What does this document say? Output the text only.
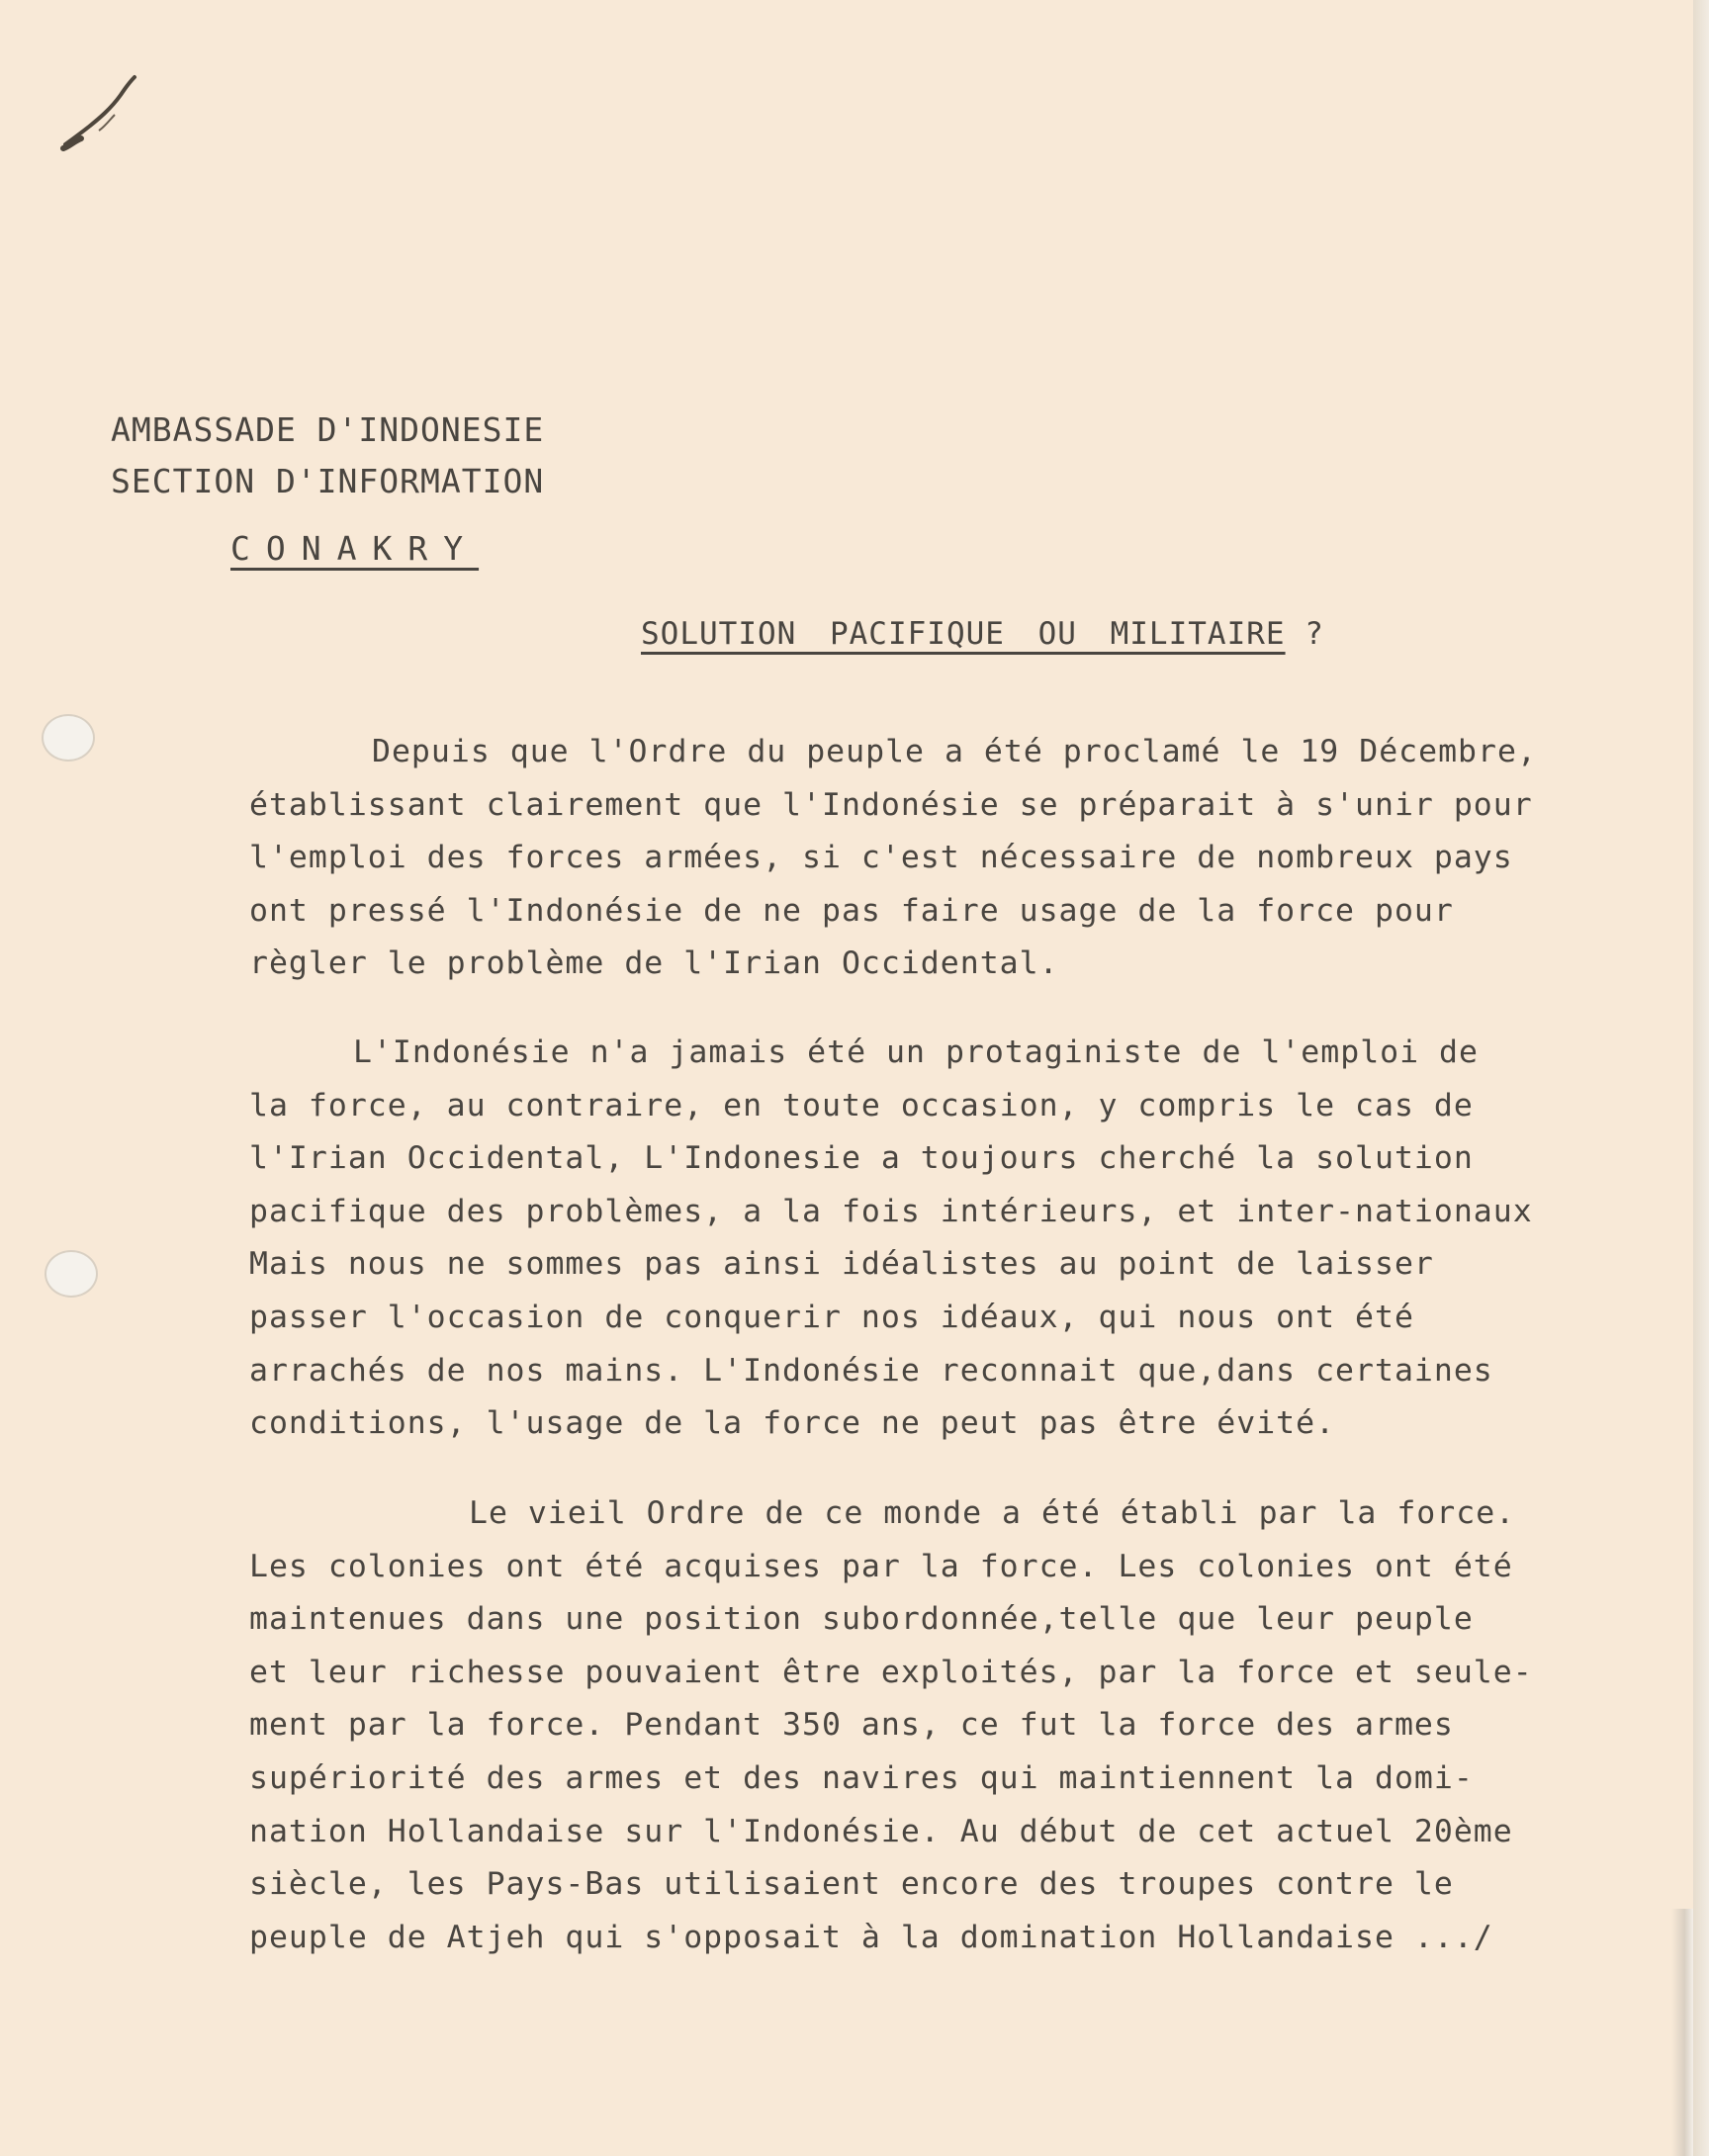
AMBASSADE D'INDONESIE
SECTION D'INFORMATION
CONAKRY
SOLUTION PACIFIQUE OU MILITAIRE ?
Depuis que l'Ordre du peuple a été proclamé le 19 Décembre,
établissant clairement que l'Indonésie se préparait à s'unir pour
l'emploi des forces armées, si c'est nécessaire de nombreux pays
ont pressé l'Indonésie de ne pas faire usage de la force pour
règler le problème de l'Irian Occidental.
L'Indonésie n'a jamais été un protaginiste de l'emploi de
la force, au contraire, en toute occasion, y compris le cas de
l'Irian Occidental, L'Indonesie a toujours cherché la solution
pacifique des problèmes, a la fois intérieurs, et inter-nationaux
Mais nous ne sommes pas ainsi idéalistes au point de laisser
passer l'occasion de conquerir nos idéaux, qui nous ont été
arrachés de nos mains. L'Indonésie reconnait que,dans certaines
conditions, l'usage de la force ne peut pas être évité.
Le vieil Ordre de ce monde a été établi par la force.
Les colonies ont été acquises par la force. Les colonies ont été
maintenues dans une position subordonnée,telle que leur peuple
et leur richesse pouvaient être exploités, par la force et seule-
ment par la force. Pendant 350 ans, ce fut la force des armes
supériorité des armes et des navires qui maintiennent la domi-
nation Hollandaise sur l'Indonésie. Au début de cet actuel 20ème
siècle, les Pays-Bas utilisaient encore des troupes contre le
peuple de Atjeh qui s'opposait à la domination Hollandaise .../
